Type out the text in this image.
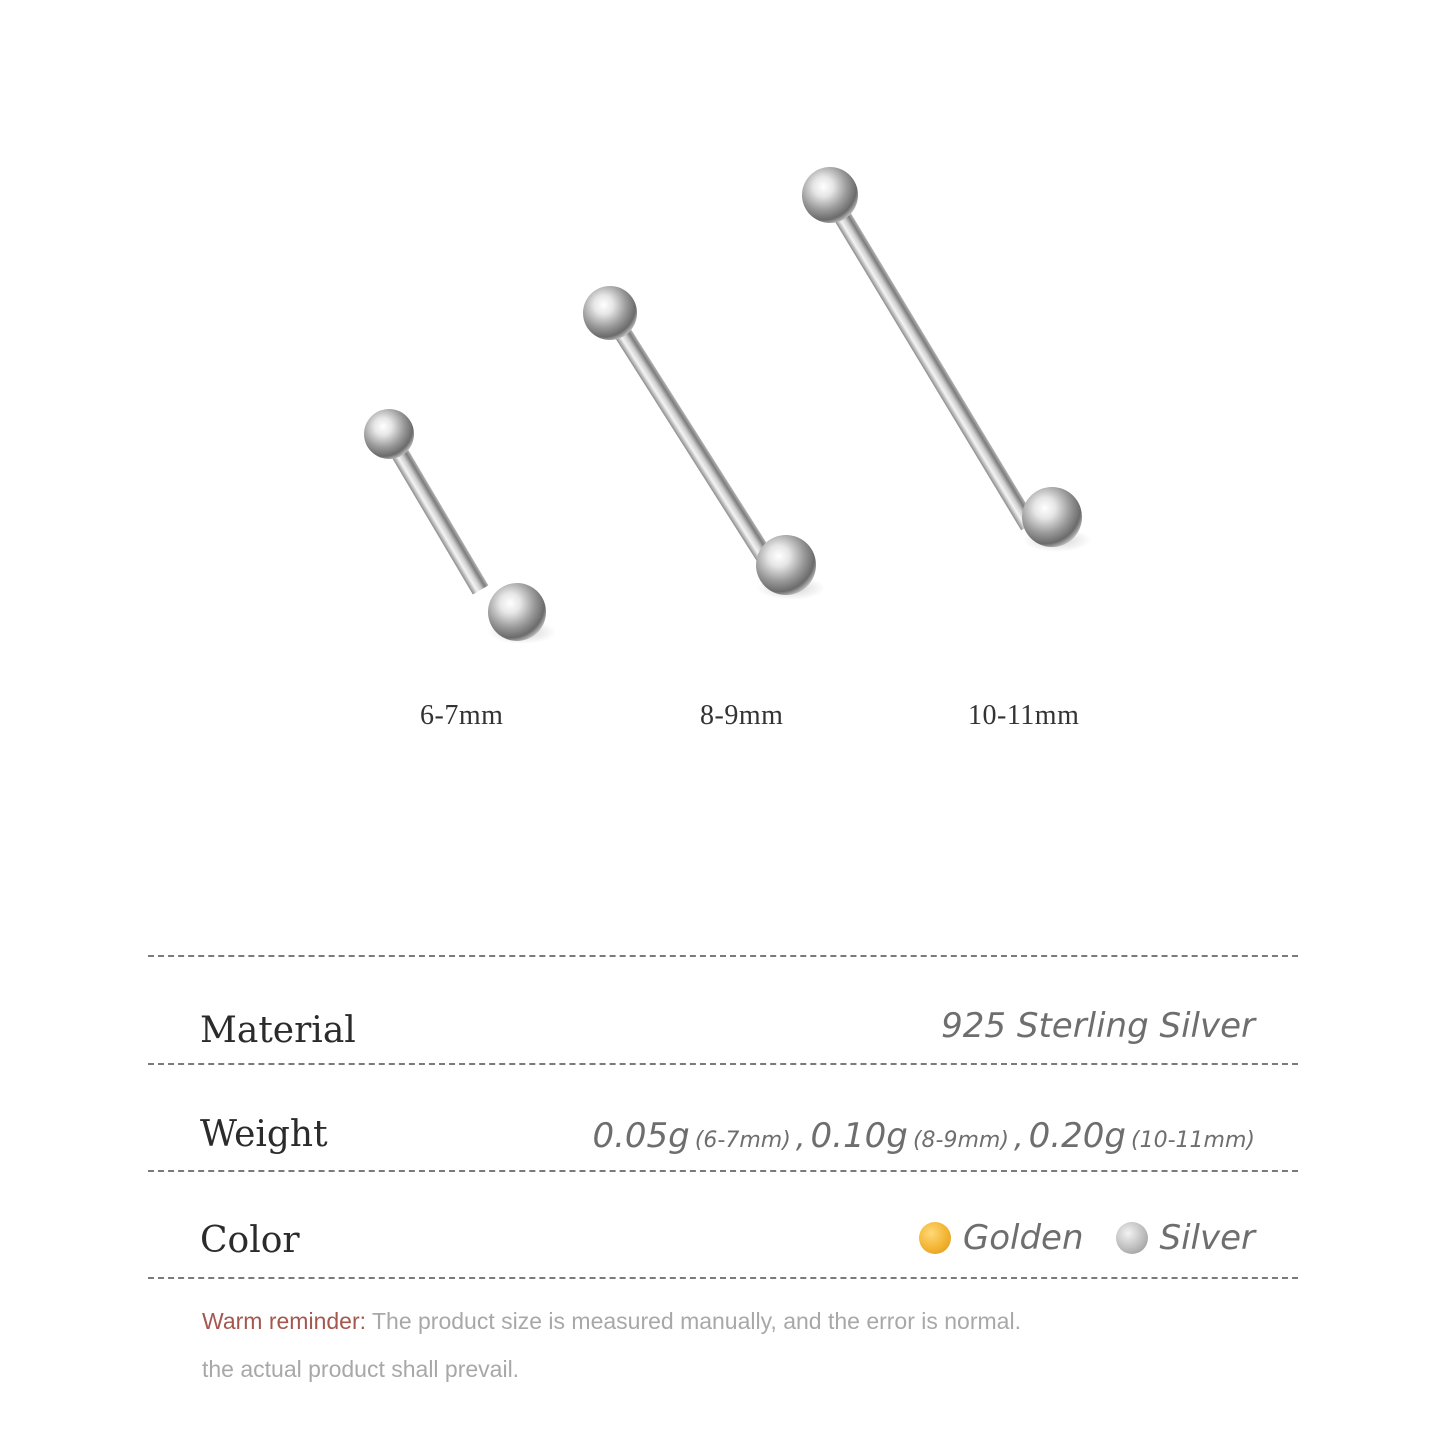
6-7mm	8-9mm	10-11mm
Material	925 Sterling Silver
Weight	0.05g (6-7mm) , 0.10g (8-9mm) , 0.20g (10-11mm)
Color	Golden Silver
Warm reminder: The product size is measured manually, and the error is normal.
the actual product shall prevail.
